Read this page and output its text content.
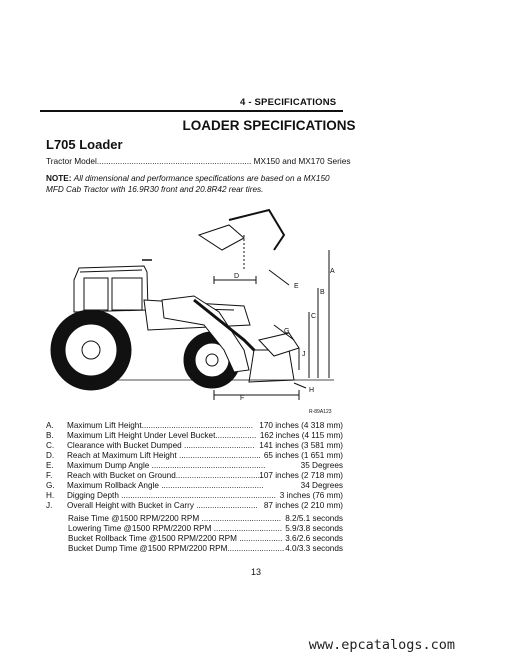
4 - SPECIFICATIONS
LOADER SPECIFICATIONS
L705 Loader
Tractor Model................................................................... MX150 and MX170 Series
NOTE: All dimensional and performance specifications are based on a MX150 MFD Cab Tractor with 16.9R30 front and 20.8R42 rear tires.
A
B
C
D
E
F
G
H
J
R-89A123
A. Maximum Lift Height................................................. 170 inches (4 318 mm)
B. Maximum Lift Height Under Level Bucket.................. 162 inches (4 115 mm)
C. Clearance with Bucket Dumped ............................... 141 inches (3 581 mm)
D. Reach at Maximum Lift Height .................................... 65 inches (1 651 mm)
E. Maximum Dump Angle ..................................................	35 Degrees
F. Reach with Bucket on Ground......................................
107 inches (2 718 mm)
G. Maximum Rollback Angle .............................................	34 Degrees
H. Digging Depth .................................................................... 3 inches (76 mm)
J. Overall Height with Bucket in Carry ........................... 87 inches (2 210 mm)
Raise Time @1500 RPM/2200 RPM ................................... 8.2/5.1 seconds
Lowering Time @1500 RPM/2200 RPM .............................. 5.9/3.8 seconds
Bucket Rollback Time @1500 RPM/2200 RPM ................... 3.6/2.6 seconds
Bucket Dump Time @1500 RPM/2200 RPM......................... 4.0/3.3 seconds
13
www.epcatalogs.com
